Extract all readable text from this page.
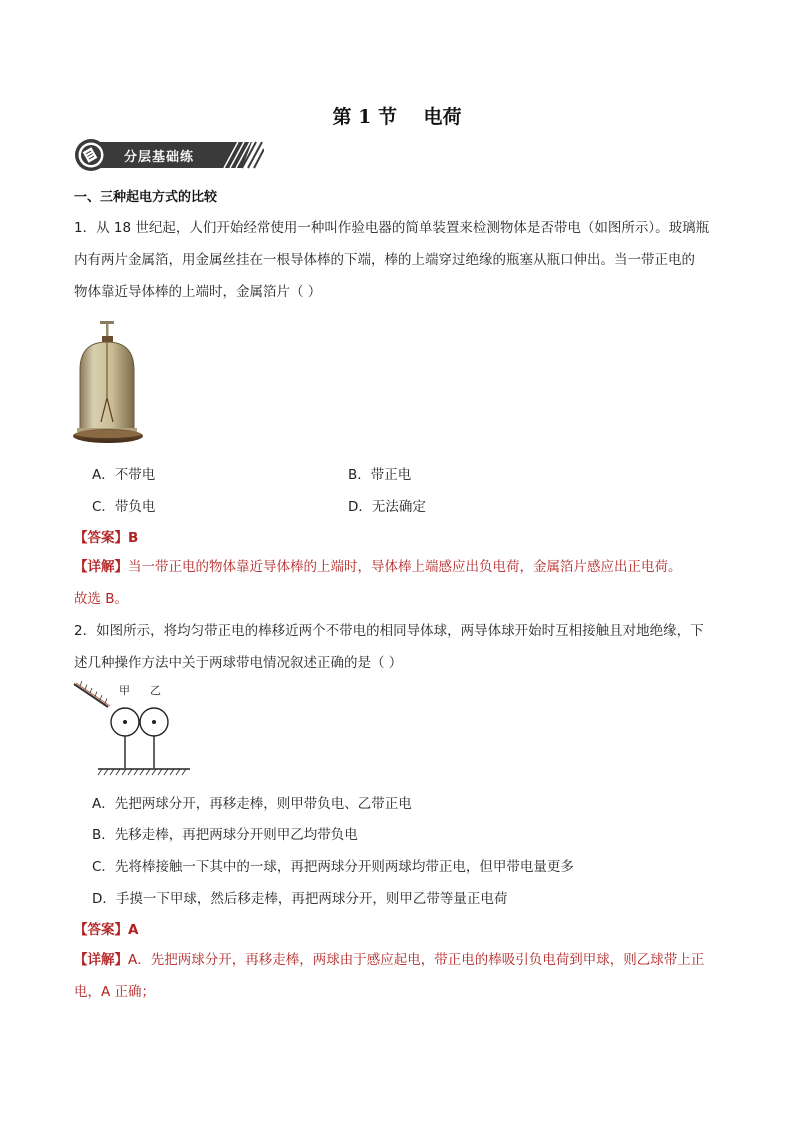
第 1 节    电荷
分层基础练
一、三种起电方式的比较
1．从 18 世纪起，人们开始经常使用一种叫作验电器的简单装置来检测物体是否带电（如图所示）。玻璃瓶
内有两片金属箔，用金属丝挂在一根导体棒的下端，棒的上端穿过绝缘的瓶塞从瓶口伸出。当一带正电的
物体靠近导体棒的上端时，金属箔片（ ）
A．不带电	B．带正电
C．带负电	D．无法确定
【答案】B
【详解】当一带正电的物体靠近导体棒的上端时，导体棒上端感应出负电荷，金属箔片感应出正电荷。
故选 B。
2．如图所示，将均匀带正电的棒移近两个不带电的相同导体球，两导体球开始时互相接触且对地绝缘，下
述几种操作方法中关于两球带电情况叙述正确的是（ ）
甲 乙
A．先把两球分开，再移走棒，则甲带负电、乙带正电
B．先移走棒，再把两球分开则甲乙均带负电
C．先将棒接触一下其中的一球，再把两球分开则两球均带正电，但甲带电量更多
D．手摸一下甲球，然后移走棒，再把两球分开，则甲乙带等量正电荷
【答案】A
【详解】A．先把两球分开，再移走棒，两球由于感应起电，带正电的棒吸引负电荷到甲球，则乙球带上正
电，A 正确；
